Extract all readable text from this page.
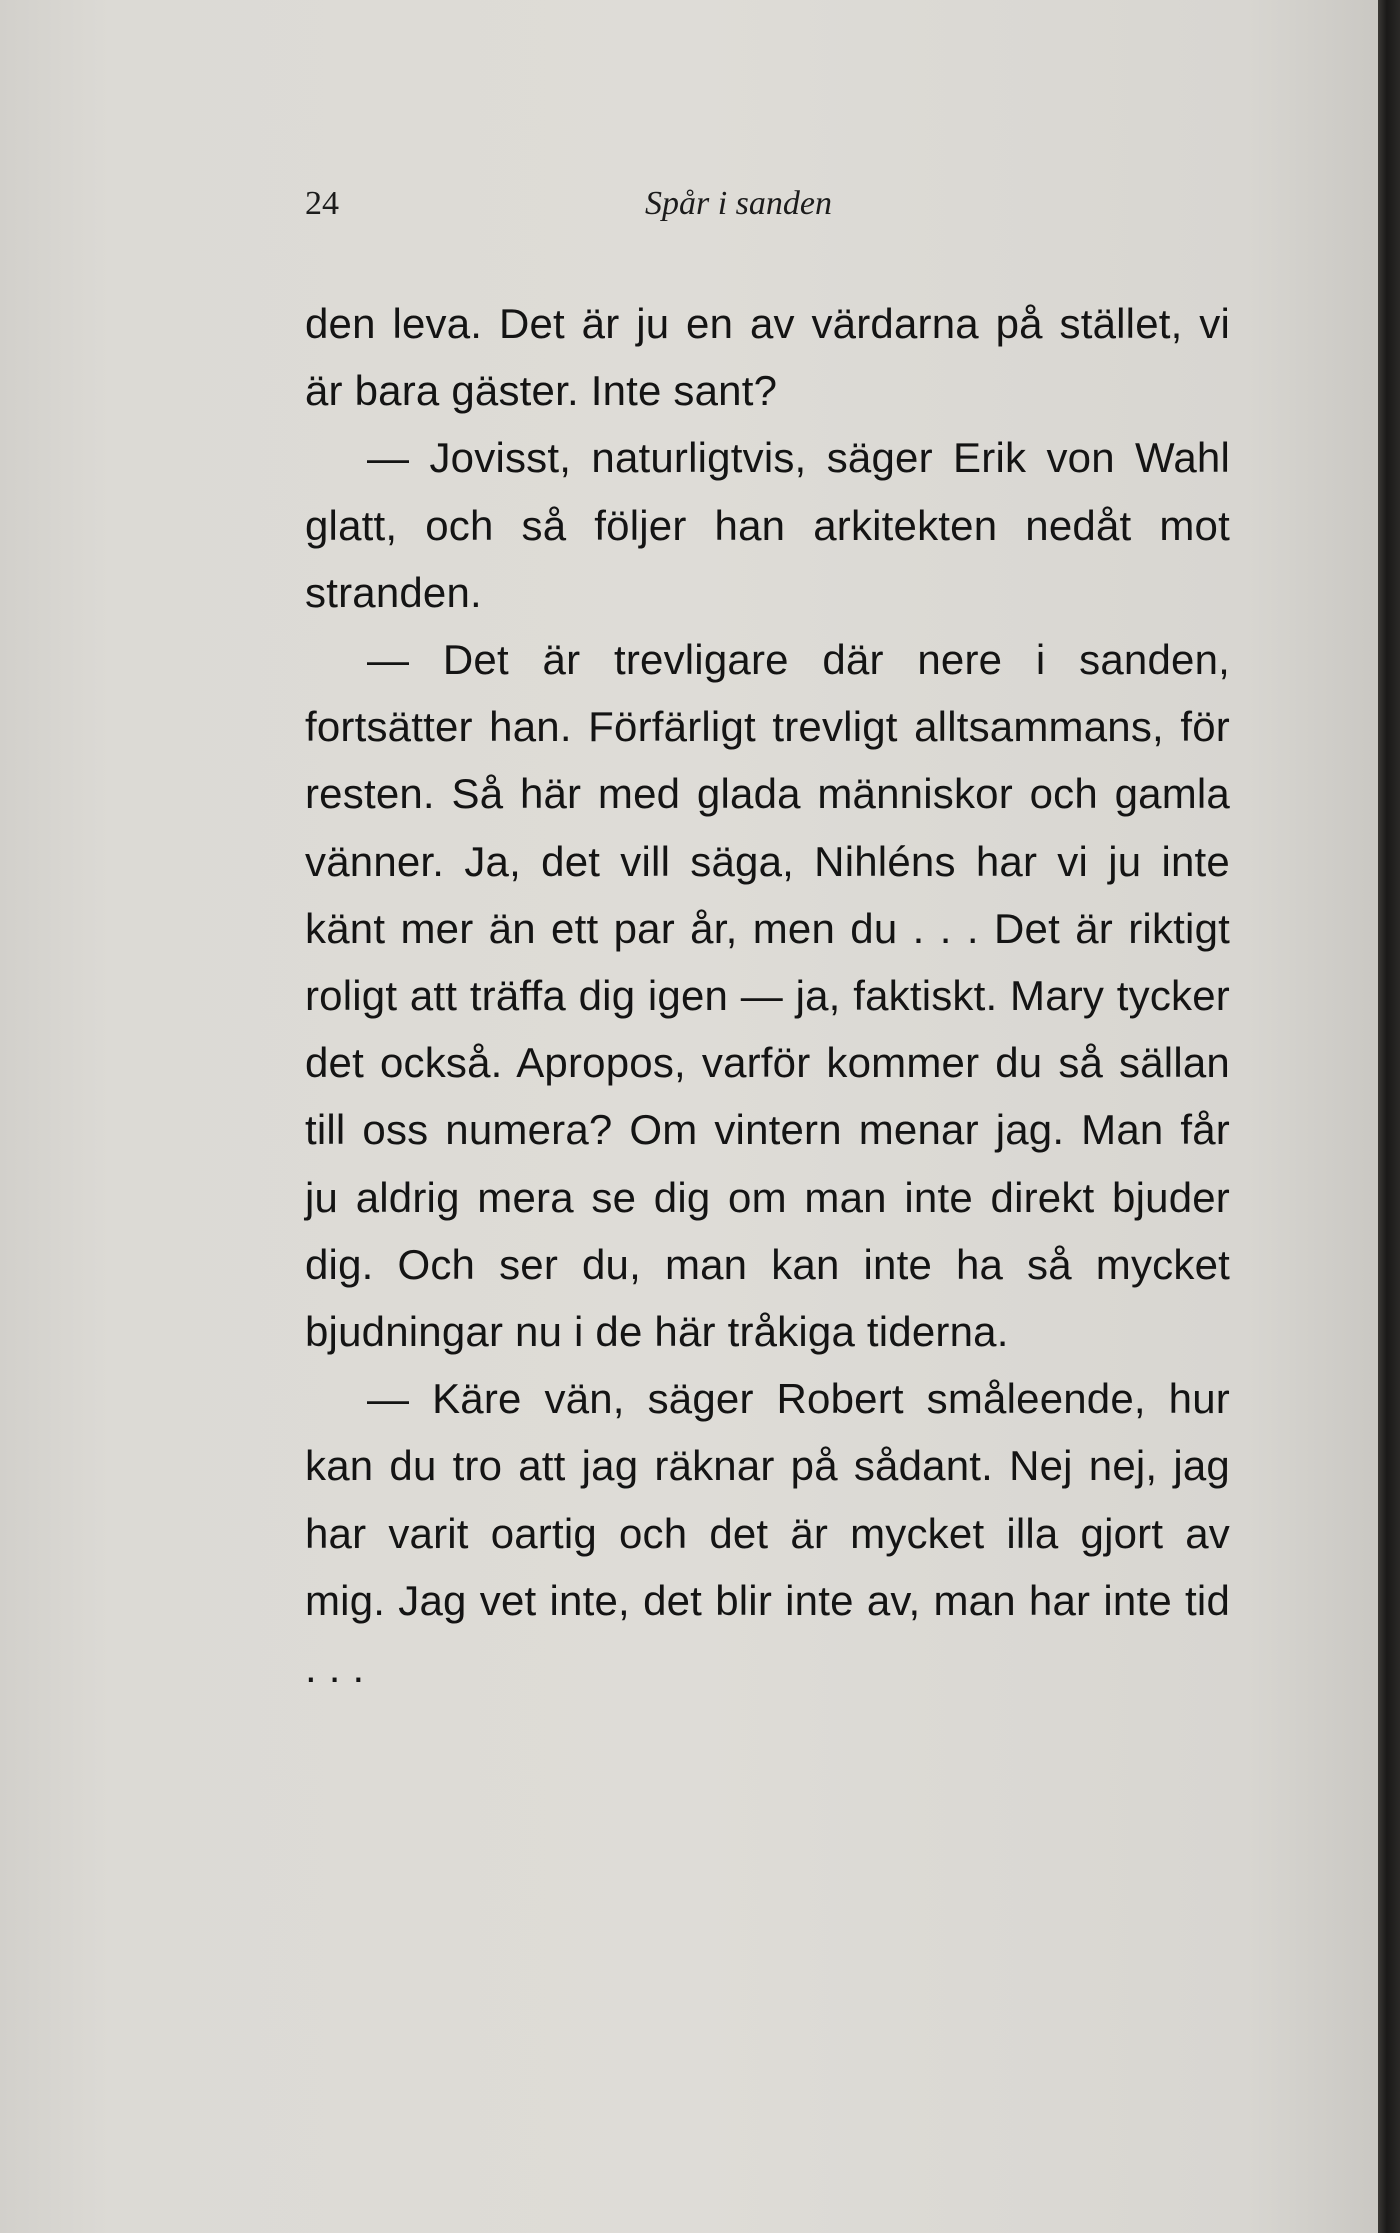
24	Spår i sanden

den leva. Det är ju en av värdarna på stället, vi är bara gäster. Inte sant?

— Jovisst, naturligtvis, säger Erik von Wahl glatt, och så följer han arkitekten nedåt mot stranden.

— Det är trevligare där nere i sanden, fortsätter han. Förfärligt trevligt alltsammans, för resten. Så här med glada människor och gamla vänner. Ja, det vill säga, Nihléns har vi ju inte känt mer än ett par år, men du . . . Det är riktigt roligt att träffa dig igen — ja, faktiskt. Mary tycker det också. Apropos, varför kommer du så sällan till oss numera? Om vintern menar jag. Man får ju aldrig mera se dig om man inte direkt bjuder dig. Och ser du, man kan inte ha så mycket bjudningar nu i de här tråkiga tiderna.

— Käre vän, säger Robert småleende, hur kan du tro att jag räknar på sådant. Nej nej, jag har varit oartig och det är mycket illa gjort av mig. Jag vet inte, det blir inte av, man har inte tid . . .
